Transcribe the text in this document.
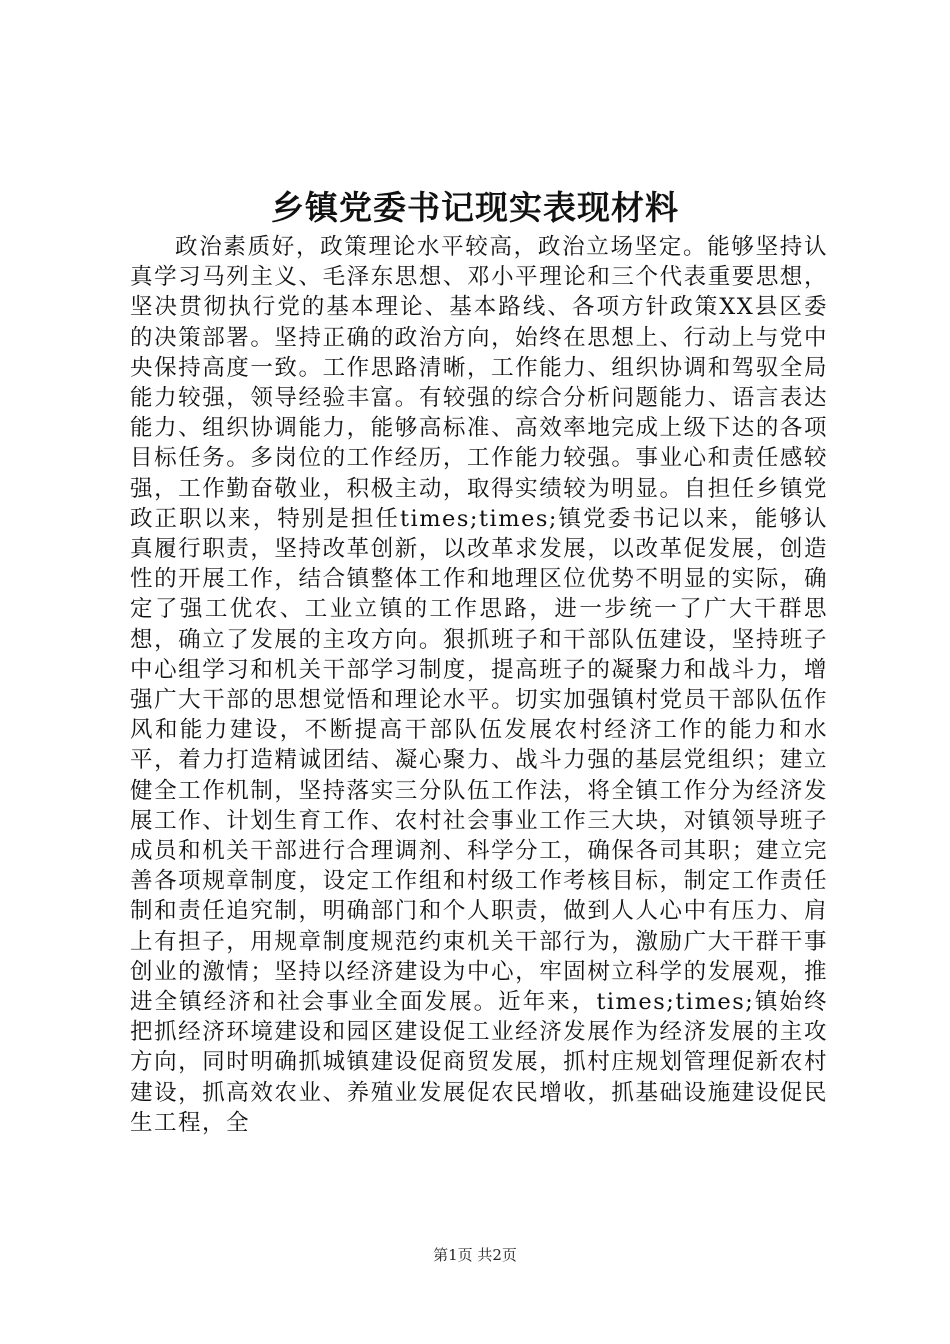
乡镇党委书记现实表现材料

政治素质好，政策理论水平较高，政治立场坚定。能够坚持认真学习马列主义、毛泽东思想、邓小平理论和三个代表重要思想，坚决贯彻执行党的基本理论、基本路线、各项方针政策XX县区委的决策部署。坚持正确的政治方向，始终在思想上、行动上与党中央保持高度一致。工作思路清晰，工作能力、组织协调和驾驭全局能力较强，领导经验丰富。有较强的综合分析问题能力、语言表达能力、组织协调能力，能够高标准、高效率地完成上级下达的各项目标任务。多岗位的工作经历，工作能力较强。事业心和责任感较强，工作勤奋敬业，积极主动，取得实绩较为明显。自担任乡镇党政正职以来，特别是担任times;times;镇党委书记以来，能够认真履行职责，坚持改革创新，以改革求发展，以改革促发展，创造性的开展工作，结合镇整体工作和地理区位优势不明显的实际，确定了强工优农、工业立镇的工作思路，进一步统一了广大干群思想，确立了发展的主攻方向。狠抓班子和干部队伍建设，坚持班子中心组学习和机关干部学习制度，提高班子的凝聚力和战斗力，增强广大干部的思想觉悟和理论水平。切实加强镇村党员干部队伍作风和能力建设，不断提高干部队伍发展农村经济工作的能力和水平，着力打造精诚团结、凝心聚力、战斗力强的基层党组织；建立健全工作机制，坚持落实三分队伍工作法，将全镇工作分为经济发展工作、计划生育工作、农村社会事业工作三大块，对镇领导班子成员和机关干部进行合理调剂、科学分工，确保各司其职；建立完善各项规章制度，设定工作组和村级工作考核目标，制定工作责任制和责任追究制，明确部门和个人职责，做到人人心中有压力、肩上有担子，用规章制度规范约束机关干部行为，激励广大干群干事创业的激情；坚持以经济建设为中心，牢固树立科学的发展观，推进全镇经济和社会事业全面发展。近年来，times;times;镇始终把抓经济环境建设和园区建设促工业经济发展作为经济发展的主攻方向，同时明确抓城镇建设促商贸发展，抓村庄规划管理促新农村建设，抓高效农业、养殖业发展促农民增收，抓基础设施建设促民生工程，全

第1页 共2页
